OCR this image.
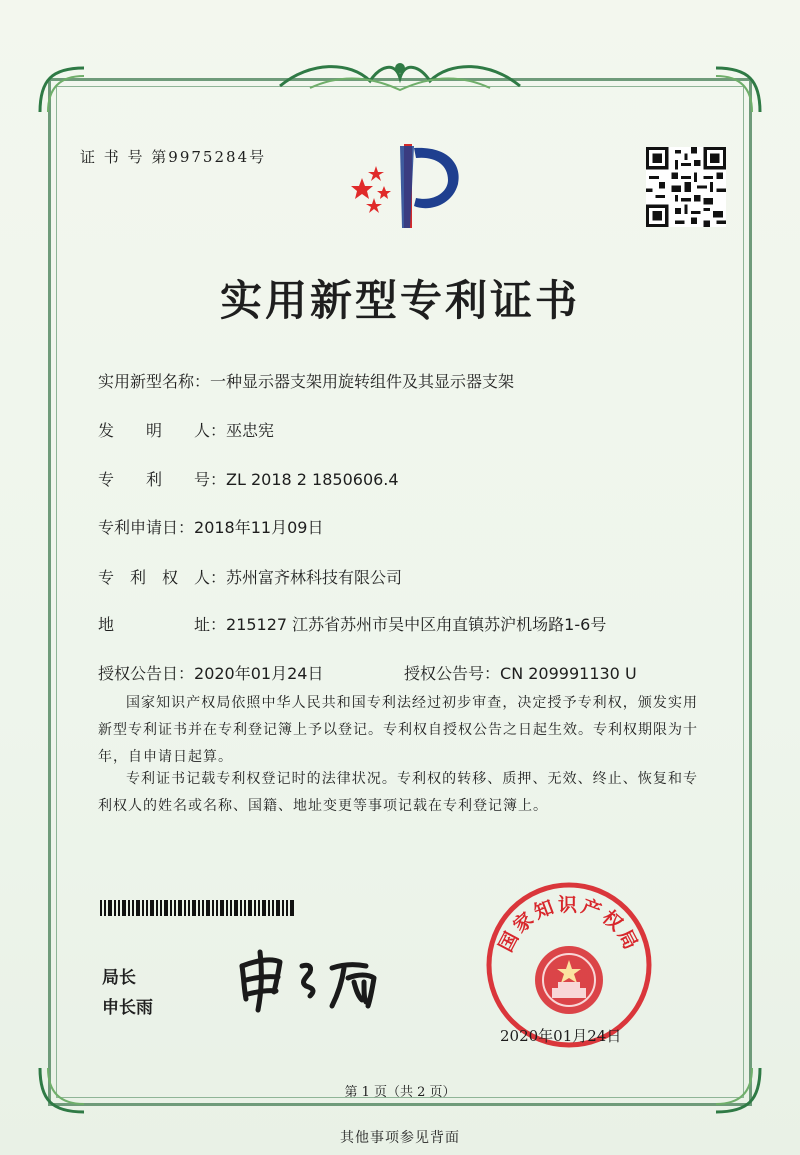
证 书 号 第9975284号
实用新型专利证书
实用新型名称：一种显示器支架用旋转组件及其显示器支架
发　　明　　人：巫忠宪
专　　利　　号：ZL 2018 2 1850606.4
专利申请日：2018年11月09日
专　利　权　人：苏州富齐林科技有限公司
地　　　　　址：215127 江苏省苏州市吴中区甪直镇苏沪机场路1-6号
授权公告日：2020年01月24日	授权公告号：CN 209991130 U
国家知识产权局依照中华人民共和国专利法经过初步审查，决定授予专利权，颁发实用新型专利证书并在专利登记簿上予以登记。专利权自授权公告之日起生效。专利权期限为十年，自申请日起算。
专利证书记载专利权登记时的法律状况。专利权的转移、质押、无效、终止、恢复和专利权人的姓名或名称、国籍、地址变更等事项记载在专利登记簿上。
局长
申长雨
国家知识产权局
2020年01月24日
第 1 页（共 2 页）
其他事项参见背面
